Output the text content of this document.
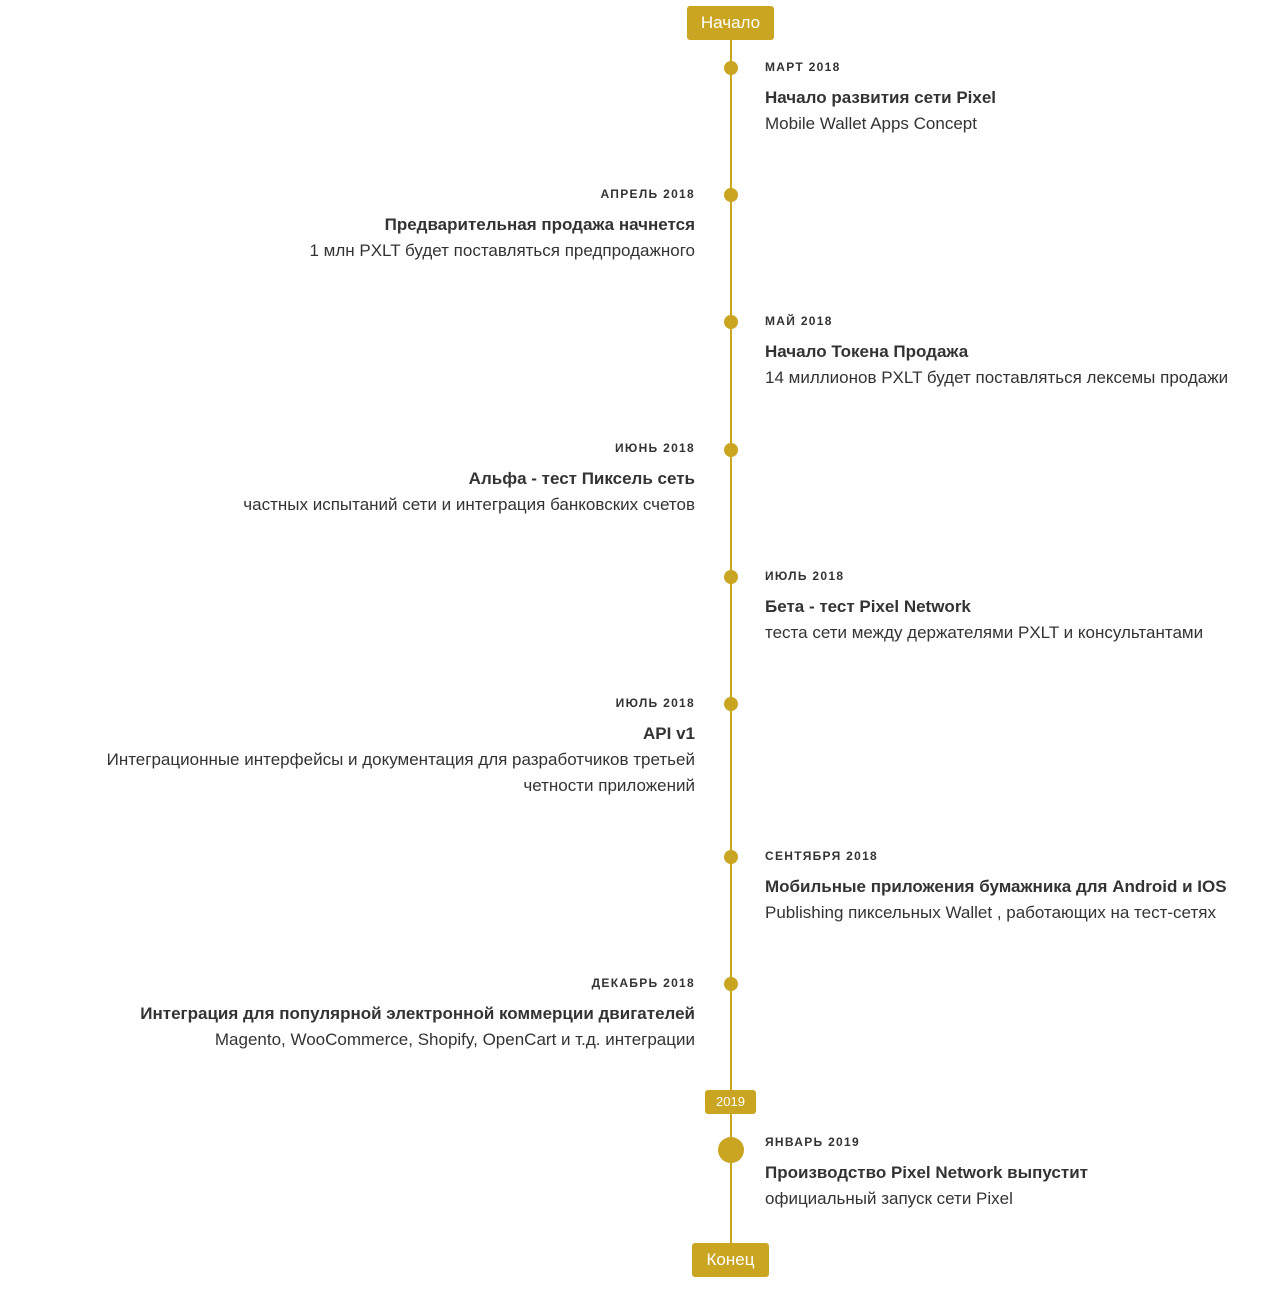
Начало
МАРТ 2018
Начало развития сети Pixel
Mobile Wallet Apps Concept
АПРЕЛЬ 2018
Предварительная продажа начнется
1 млн PXLT будет поставляться предпродажного
МАЙ 2018
Начало Токена Продажа
14 миллионов PXLT будет поставляться лексемы продажи
ИЮНЬ 2018
Альфа - тест Пиксель сеть
частных испытаний сети и интеграция банковских счетов
ИЮЛЬ 2018
Бета - тест Pixel Network
теста сети между держателями PXLT и консультантами
ИЮЛЬ 2018
API v1
Интеграционные интерфейсы и документация для разработчиков третьей четности приложений
СЕНТЯБРЯ 2018
Мобильные приложения бумажника для Android и IOS
Publishing пиксельных Wallet , работающих на тест-сетях
ДЕКАБРЬ 2018
Интеграция для популярной электронной коммерции двигателей
Magento, WooCommerce, Shopify, OpenCart и т.д. интеграции
2019
ЯНВАРЬ 2019
Производство Pixel Network выпустит
официальный запуск сети Pixel
Конец
